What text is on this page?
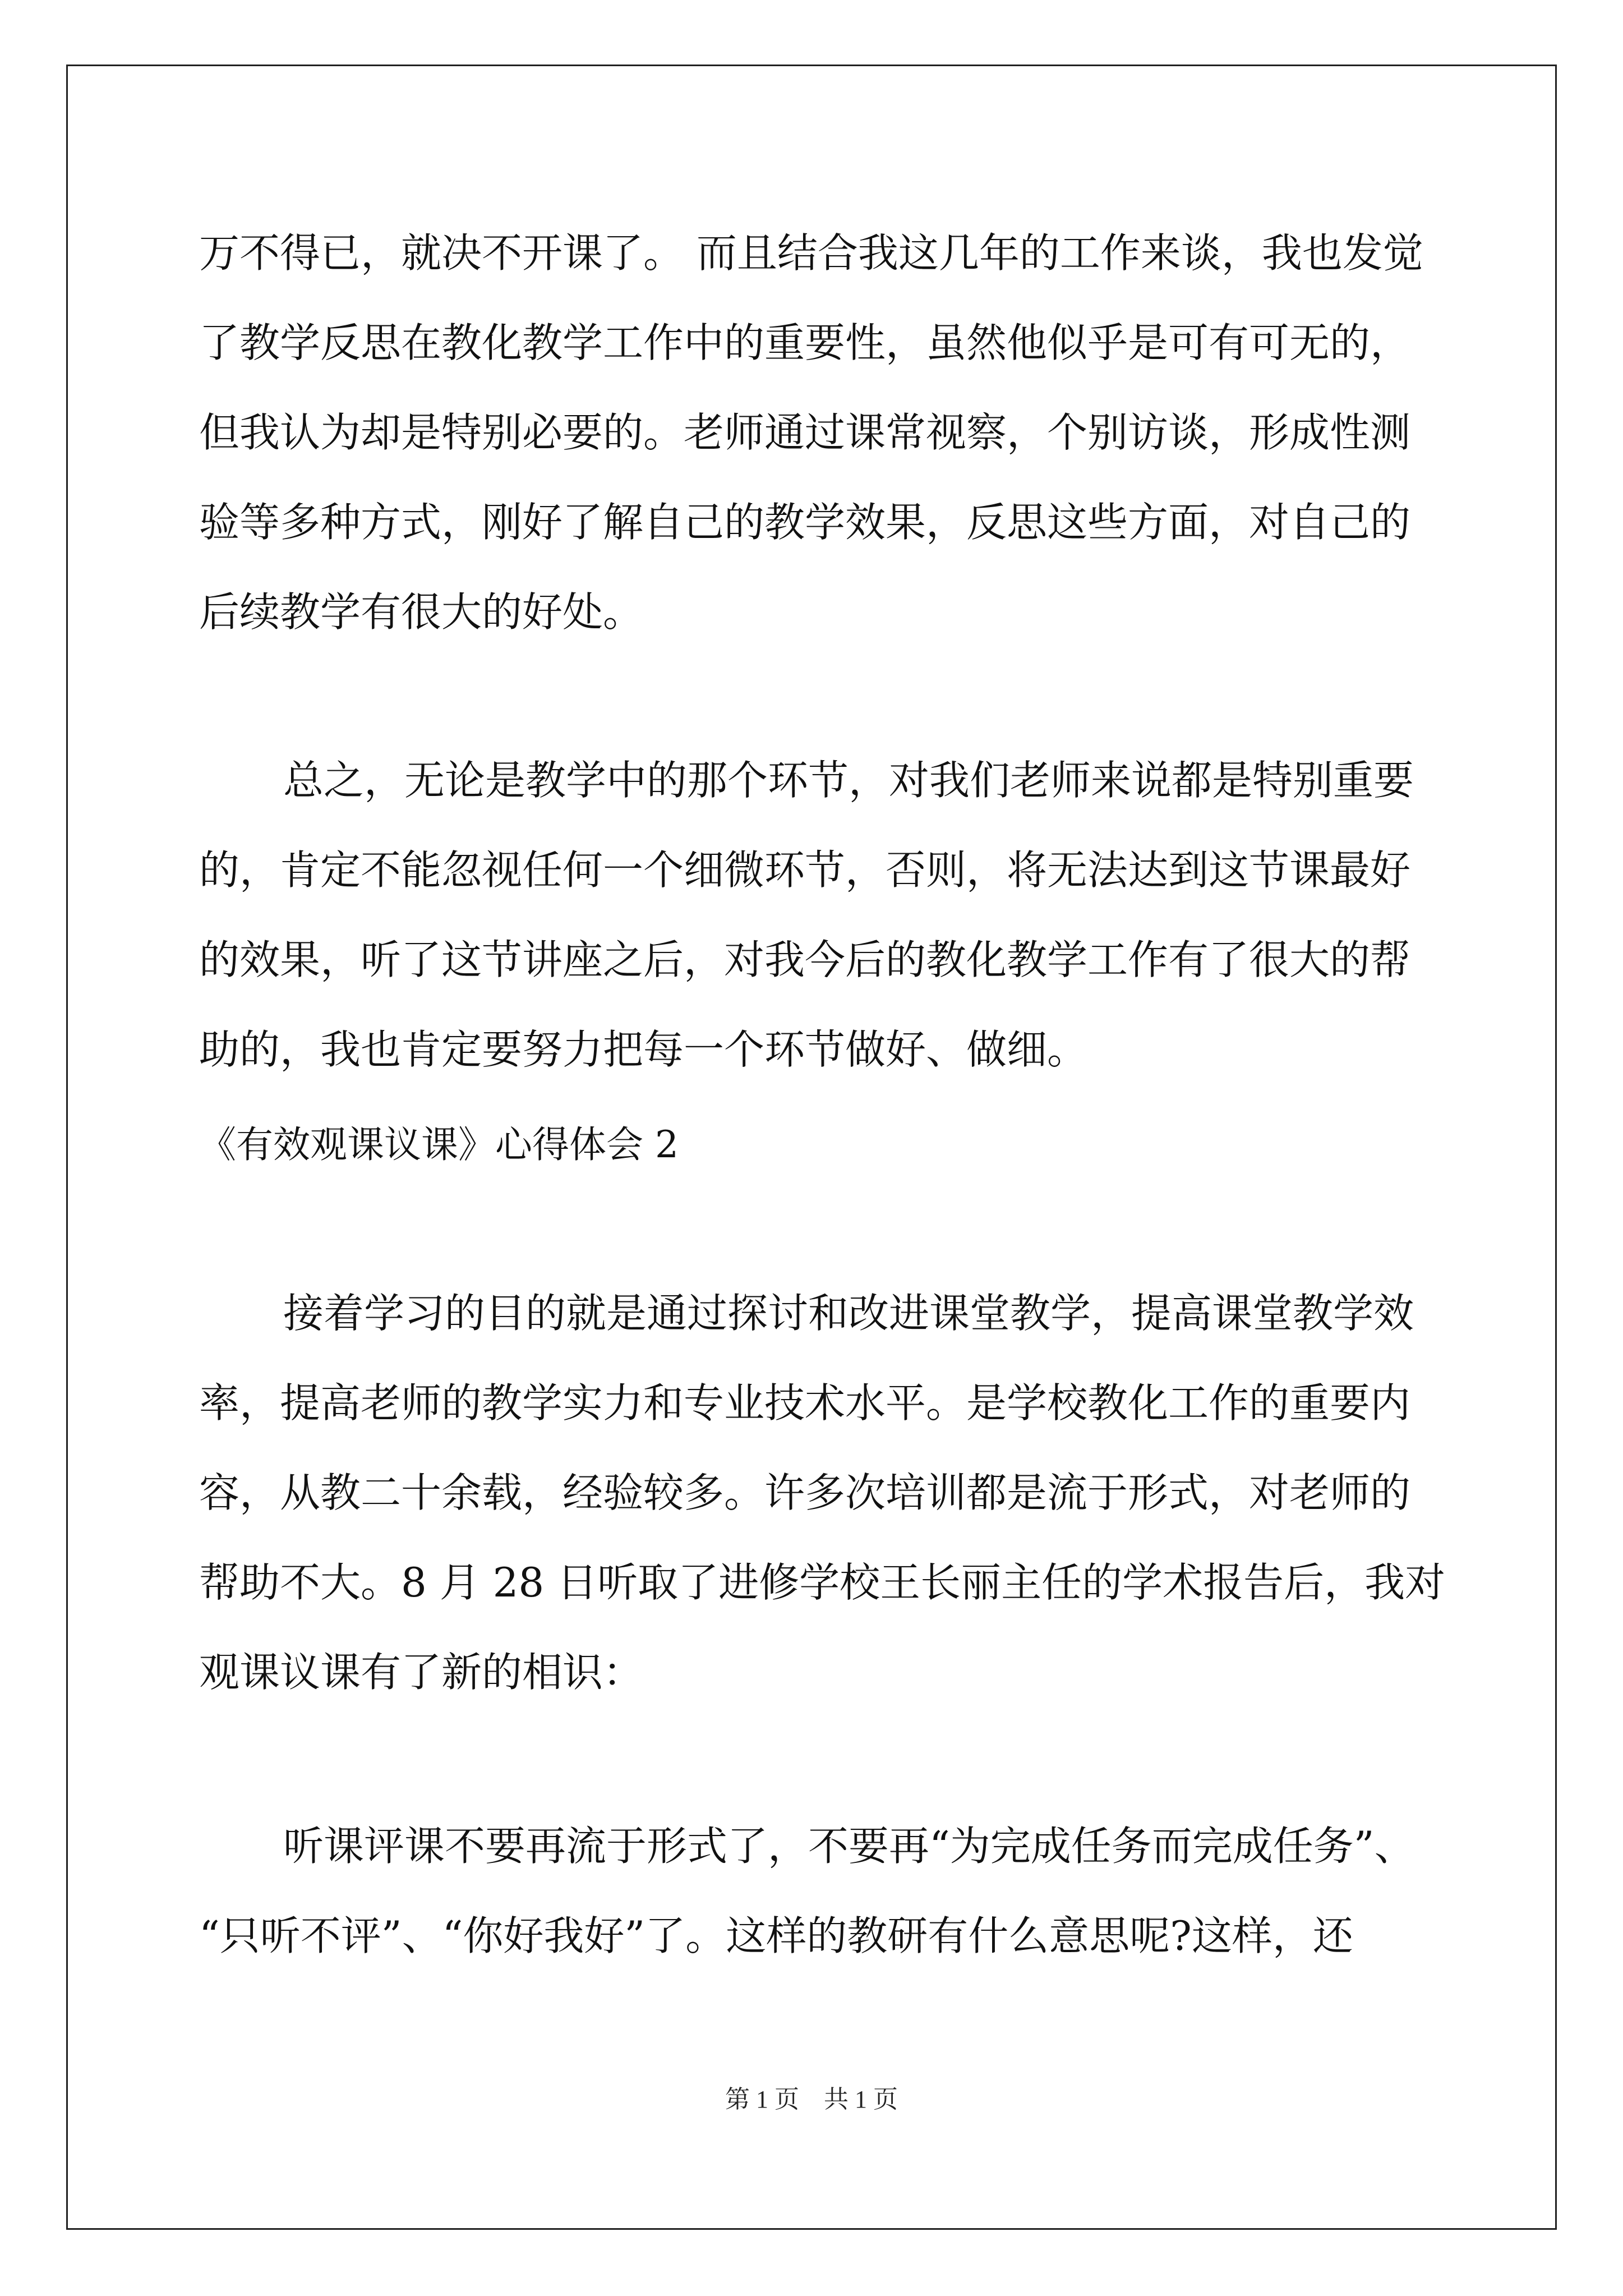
万不得已，就决不开课了。 而且结合我这几年的工作来谈，我也发觉
了教学反思在教化教学工作中的重要性，虽然他似乎是可有可无的，
但我认为却是特别必要的。老师通过课常视察，个别访谈，形成性测
验等多种方式，刚好了解自己的教学效果，反思这些方面，对自己的
后续教学有很大的好处。
总之，无论是教学中的那个环节，对我们老师来说都是特别重要
的，肯定不能忽视任何一个细微环节，否则，将无法达到这节课最好
的效果，听了这节讲座之后，对我今后的教化教学工作有了很大的帮
助的，我也肯定要努力把每一个环节做好、做细。
《有效观课议课》心得体会 2
接着学习的目的就是通过探讨和改进课堂教学，提高课堂教学效
率，提高老师的教学实力和专业技术水平。是学校教化工作的重要内
容，从教二十余载，经验较多。许多次培训都是流于形式，对老师的
帮助不大。8 月 28 日听取了进修学校王长丽主任的学术报告后，我对
观课议课有了新的相识：
听课评课不要再流于形式了，不要再“为完成任务而完成任务”、
“只听不评”、“你好我好”了。这样的教研有什么意思呢?这样，还
第 1 页　共 1 页
